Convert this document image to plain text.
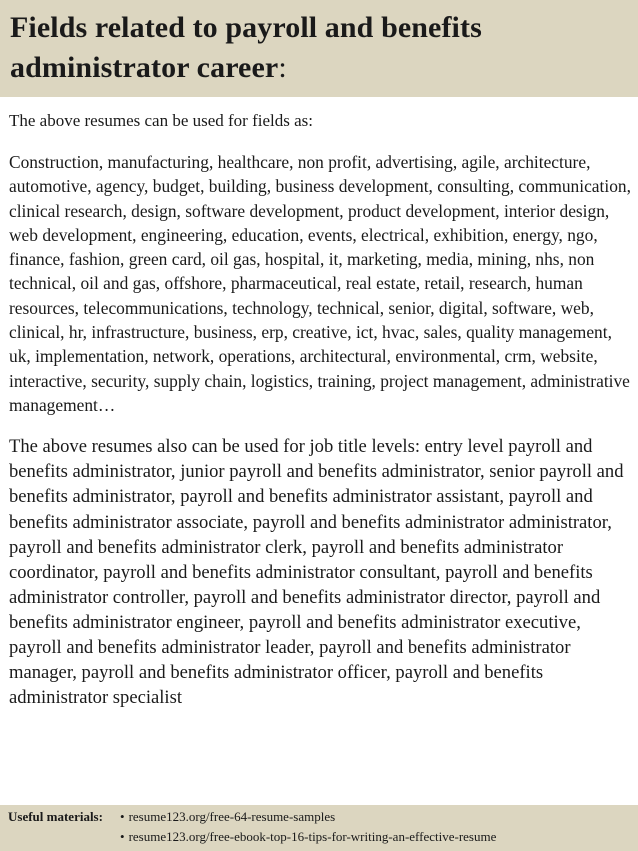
Fields related to payroll and benefits administrator career:

The above resumes can be used for fields as:

Construction, manufacturing, healthcare, non profit, advertising, agile, architecture, automotive, agency, budget, building, business development, consulting, communication, clinical research, design, software development, product development, interior design, web development, engineering, education, events, electrical, exhibition, energy, ngo, finance, fashion, green card, oil gas, hospital, it, marketing, media, mining, nhs, non technical, oil and gas, offshore, pharmaceutical, real estate, retail, research, human resources, telecommunications, technology, technical, senior, digital, software, web, clinical, hr, infrastructure, business, erp, creative, ict, hvac, sales, quality management, uk, implementation, network, operations, architectural, environmental, crm, website, interactive, security, supply chain, logistics, training, project management, administrative management…

The above resumes also can be used for job title levels: entry level payroll and benefits administrator, junior payroll and benefits administrator, senior payroll and benefits administrator, payroll and benefits administrator assistant, payroll and benefits administrator associate, payroll and benefits administrator administrator, payroll and benefits administrator clerk, payroll and benefits administrator coordinator, payroll and benefits administrator consultant, payroll and benefits administrator controller, payroll and benefits administrator director, payroll and benefits administrator engineer, payroll and benefits administrator executive, payroll and benefits administrator leader, payroll and benefits administrator manager, payroll and benefits administrator officer, payroll and benefits administrator specialist

Useful materials:	• resume123.org/free-64-resume-samples
• resume123.org/free-ebook-top-16-tips-for-writing-an-effective-resume
